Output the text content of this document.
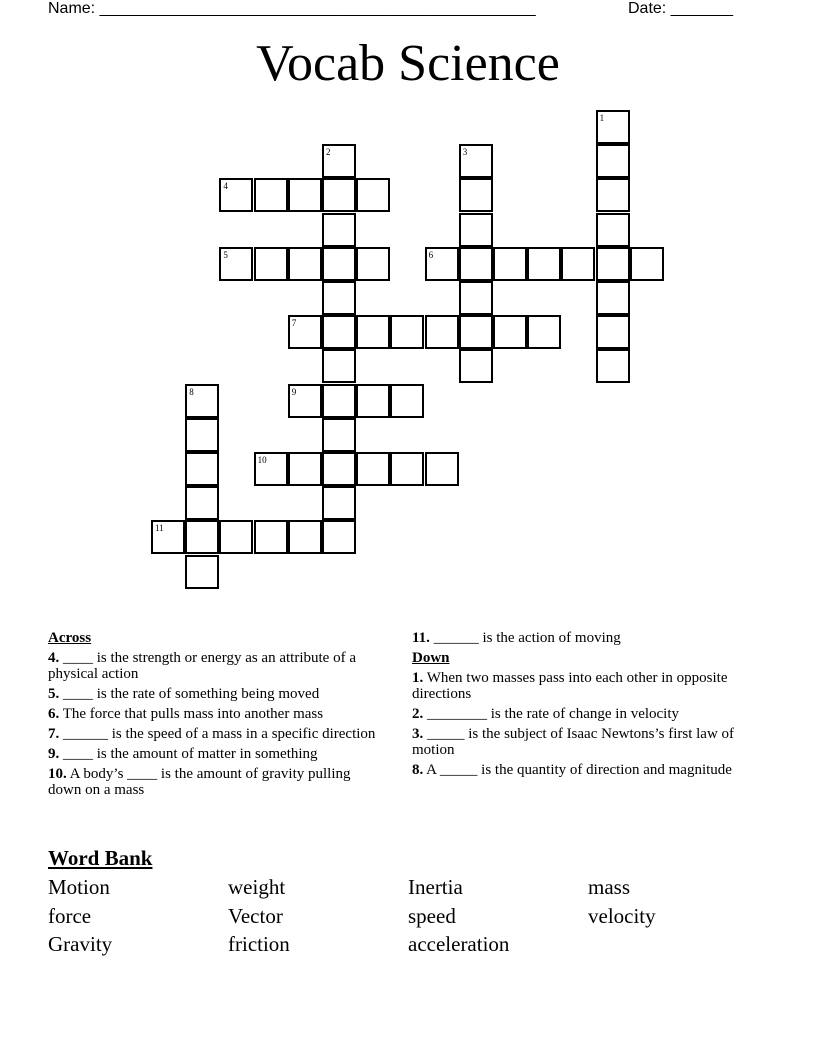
Name: _________________________________________________	Date: _______
Vocab Science
1
2	3
4
5	6
7
8	9
10
11
Across
4. ____ is the strength or energy as an attribute of a physical action
5. ____ is the rate of something being moved
6. The force that pulls mass into another mass
7. ______ is the speed of a mass in a specific direction
9. ____ is the amount of matter in something
10. A body’s ____ is the amount of gravity pulling down on a mass
11. ______ is the action of moving
Down
1. When two masses pass into each other in opposite directions
2. ________ is the rate of change in velocity
3. _____ is the subject of Isaac Newtons’s first law of motion
8. A _____ is the quantity of direction and magnitude
Word Bank
Motion	weight	Inertia	mass
force	Vector	speed	velocity
Gravity	friction	acceleration
